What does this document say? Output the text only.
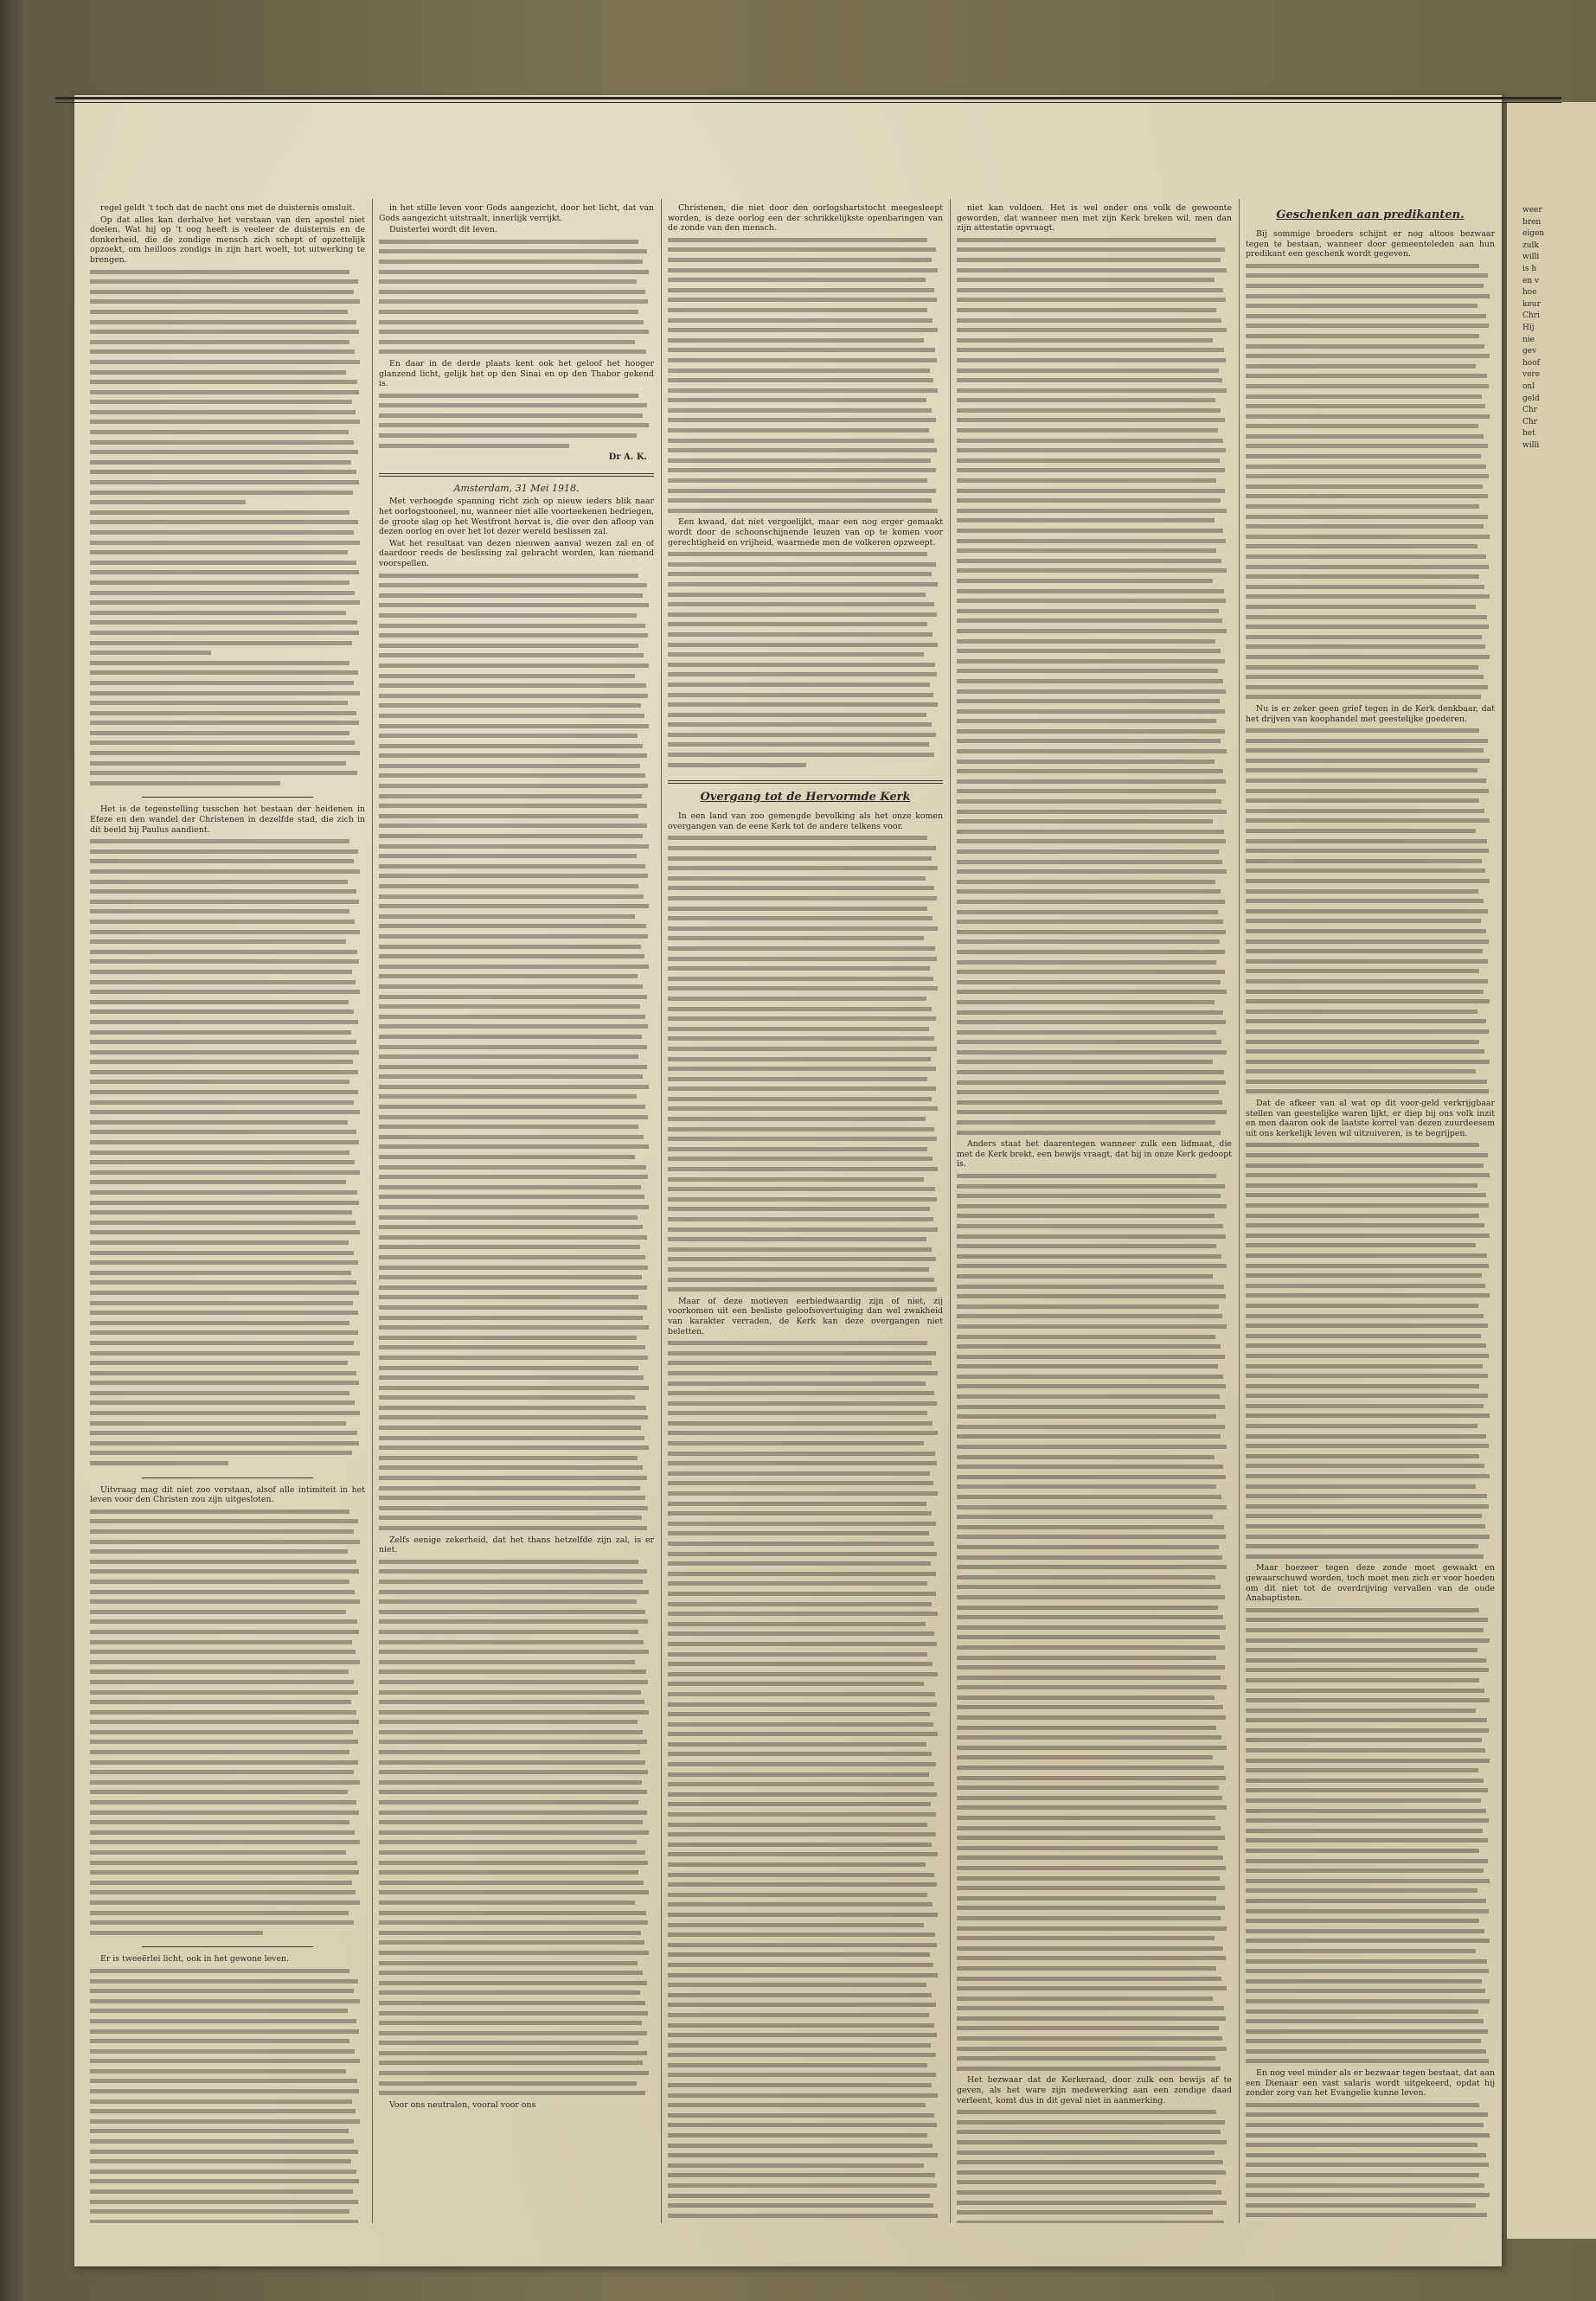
regel geldt 't toch dat de nacht ons met de duisternis omsluit.

Op dat alles kan derhalve het verstaan van den apostel niet doelen. Wat hij op 't oog heeft is veeleer de duisternis en de donkerheid, die de zondige mensch zich schept of opzettelijk opzoekt, om heilloos zondigs in zijn hart woelt, tot uitwerking te brengen.

Het is de tegenstelling tusschen het bestaan der heidenen in Efeze en den wandel der Christenen in dezelfde stad, die zich in dit beeld bij Paulus aandient.

Uitvraag mag dit niet zoo verstaan, alsof alle intimiteit in het leven voor den Christen zou zijn uitgesloten.

Er is tweeërlei licht, ook in het gewone leven.

in het stille leven voor Gods aangezicht, door het licht, dat van Gods aangezicht uitstraalt, innerlijk verrijkt.

Duisterlei wordt dit leven.

En daar in de derde plaats kent ook het geloof het hooger glanzend licht, gelijk het op den Sinai en op den Thabor gekend is.

Dr A. K.

Amsterdam, 31 Mei 1918.

Met verhoogde spanning richt zich op nieuw ieders blik naar het oorlogstooneel, nu, wanneer niet alle voorteekenen bedriegen, de groote slag op het Westfront hervat is, die over den afloop van dezen oorlog en over het lot dezer wereld beslissen zal.

Wat het resultaat van dezen nieuwen aanval wezen zal en of daardoor reeds de beslissing zal gebracht worden, kan niemand voorspellen.

Zelfs eenige zekerheid, dat het thans hetzelfde zijn zal, is er niet.

Voor ons neutralen, vooral voor ons

Christenen, die niet door den oorlogshartstocht meegesleept worden, is deze oorlog een der schrikkelijkste openbaringen van de zonde van den mensch.

Een kwaad, dat niet vergoelijkt, maar een nog erger gemaakt wordt door de schoonschijnende leuzen van op te komen voor gerechtigheid en vrijheid, waarmede men de volkeren opzweept.

Overgang tot de Hervormde Kerk

In een land van zoo gemengde bevolking als het onze komen overgangen van de eene Kerk tot de andere telkens voor.

Maar of deze motieven eerbiedwaardig zijn of niet, zij voorkomen uit een besliste geloofsovertuiging dan wel zwakheid van karakter verraden, de Kerk kan deze overgangen niet beletten.

niet kan voldoen. Het is wel onder ons volk de gewoonte geworden, dat wanneer men met zijn Kerk breken wil, men dan zijn attestatie opvraagt.

Anders staat het daarentegen wanneer zulk een lidmaat, die met de Kerk brekt, een bewijs vraagt, dat hij in onze Kerk gedoopt is.

Het bezwaar dat de Kerkeraad, door zulk een bewijs af te geven, als het ware zijn medewerking aan een zondige daad verleent, komt dus in dit geval niet in aanmerking.

Geschenken aan predikanten.

Bij sommige broeders schijnt er nog altoos bezwaar tegen te bestaan, wanneer door gemeenteleden aan hun predikant een geschenk wordt gegeven.

Nu is er zeker geen grief tegen in de Kerk denkbaar, dat het drijven van koophandel met geestelijke goederen.

Dat de afkeer van al wat op dit voor-geld verkrijgbaar stellen van geestelijke waren lijkt, er diep bij ons volk inzit en men daaron ook de laatste korrel van dezen zuurdeesem uit ons kerkelijk leven wil uitzuiveren, is te begrijpen.

Maar hoezeer tegen deze zonde moet gewaakt en gewaarschuwd worden, toch moet men zich er voor hoeden om dit niet tot de overdrijving vervallen van de oude Anabaptisten.

En nog veel minder als er bezwaar tegen bestaat, dat aan een Dienaar een vast salaris wordt uitgekeerd, opdat hij zonder zorg van het Evangelie kunne leven.

weer

bren

eigen

zulk

willi

is h

en v

hoe

keur

Chri

Hij

nie

gev

hoof

vere

onl

geld

Chr

Chr

het

willi
